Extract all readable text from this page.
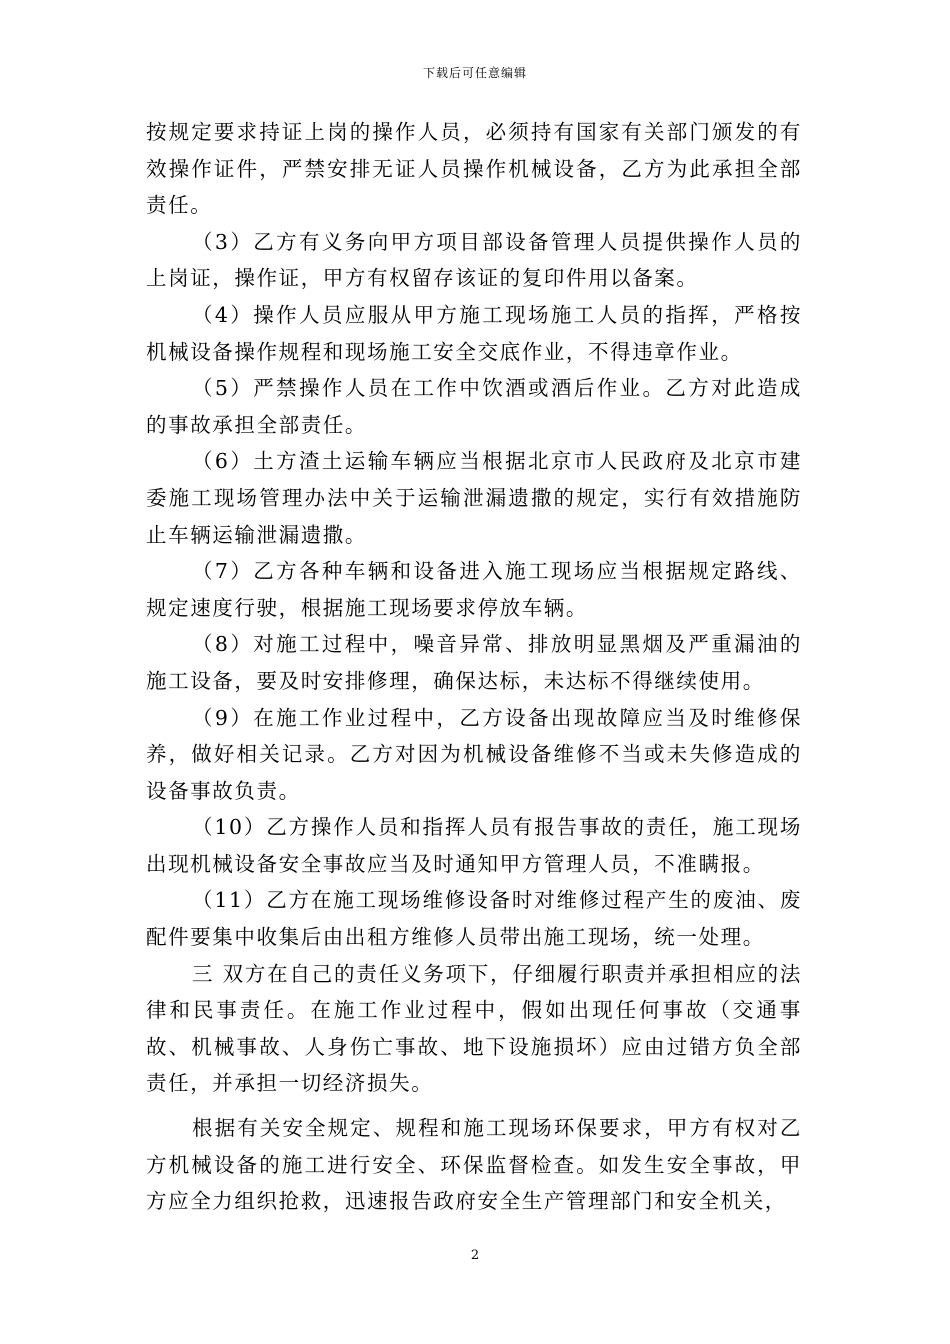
下载后可任意编辑

按规定要求持证上岗的操作人员，必须持有国家有关部门颁发的有效操作证件，严禁安排无证人员操作机械设备，乙方为此承担全部责任。

（3）乙方有义务向甲方项目部设备管理人员提供操作人员的上岗证，操作证，甲方有权留存该证的复印件用以备案。

（4）操作人员应服从甲方施工现场施工人员的指挥，严格按机械设备操作规程和现场施工安全交底作业，不得违章作业。

（5）严禁操作人员在工作中饮酒或酒后作业。乙方对此造成的事故承担全部责任。

（6）土方渣土运输车辆应当根据北京市人民政府及北京市建委施工现场管理办法中关于运输泄漏遗撒的规定，实行有效措施防止车辆运输泄漏遗撒。

（7）乙方各种车辆和设备进入施工现场应当根据规定路线、规定速度行驶，根据施工现场要求停放车辆。

（8）对施工过程中，噪音异常、排放明显黑烟及严重漏油的施工设备，要及时安排修理，确保达标，未达标不得继续使用。

（9）在施工作业过程中，乙方设备出现故障应当及时维修保养，做好相关记录。乙方对因为机械设备维修不当或未失修造成的设备事故负责。

（10）乙方操作人员和指挥人员有报告事故的责任，施工现场出现机械设备安全事故应当及时通知甲方管理人员，不准瞒报。

（11）乙方在施工现场维修设备时对维修过程产生的废油、废配件要集中收集后由出租方维修人员带出施工现场，统一处理。

三 双方在自己的责任义务项下，仔细履行职责并承担相应的法律和民事责任。在施工作业过程中，假如出现任何事故（交通事故、机械事故、人身伤亡事故、地下设施损坏）应由过错方负全部责任，并承担一切经济损失。

根据有关安全规定、规程和施工现场环保要求，甲方有权对乙方机械设备的施工进行安全、环保监督检查。如发生安全事故，甲方应全力组织抢救，迅速报告政府安全生产管理部门和安全机关，

2
